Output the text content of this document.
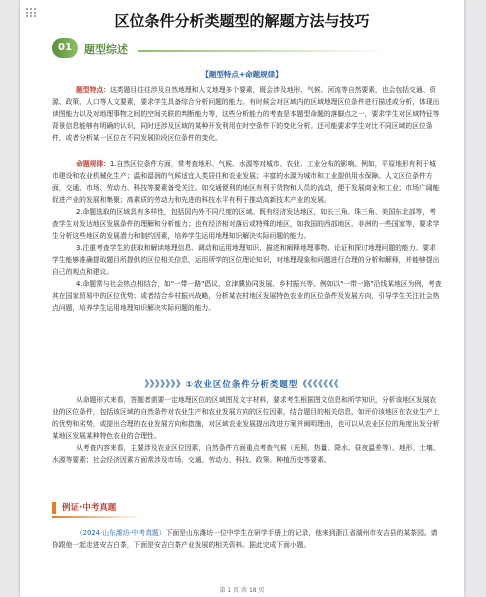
区位条件分析类题型的解题方法与技巧
01	题型综述
【题型特点+命题规律】

题型特点：这类题目往往涉及自然地理和人文地理多个要素，既会涉及地形、气候、河流等自然要素，也会包括交通、资源、政策、人口等人文要素，要求学生具备综合分析问题的能力。有时候会对区域内的区域地理区位条件进行描述或分析，体现出读图能力以及对地理事物之间的空间关联的判断能力等，这些分析能力的考查是本题型命题的落脚点之一，要求学生对区域特征等背景信息能够有明确的认识，同时还涉及区域的某种开发利用在时空条件下的变化分析。还可能要求学生对比不同区域的区位条件，或者分析某一区位在不同发展阶段区位条件的变化。

命题规律：1.自然区位条件方面，常考查地形、气候、水源等对城市、农业、工业分布的影响。例如，平原地形有利于城市建设和农业机械化生产；温和湿润的气候适宜人类居住和农业发展；丰富的水源为城市和工业提供用水保障。人文区位条件方面，交通、市场、劳动力、科技等要素备受关注。如交通便利的地区有利于货物和人员的流动，便于发展商业和工业；市场广阔能促进产业的发展和集聚；高素质的劳动力和先进的科技水平有利于推动高新技术产业的发展。

2.命题选取的区域具有多样性，包括国内外不同尺度的区域。既有经济发达地区，如长三角、珠三角、美国东北部等，考查学生对发达地区发展条件的理解和分析能力；也有经济相对落后或特殊的地区，如我国的西部地区、非洲的一些国家等，要求学生分析这些地区的发展潜力和制约因素，培养学生运用地理知识解决实际问题的能力。

3.注重考查学生的获取和解读地理信息、调动和运用地理知识、描述和阐释地理事物、论证和探讨地理问题的能力。要求学生能够准确提取题目所提供的区位相关信息，运用所学的区位理论知识，对地理现象和问题进行合理的分析和解释，并能够提出自己的观点和建议。

4.命题常与社会热点相结合，如"一带一路"倡议、京津冀协同发展、乡村振兴等。例如以"一带一路"沿线某地区为例，考查其在国家贸易中的区位优势；或者结合乡村振兴战略，分析某农村地区发展特色农业的区位条件及发展方向，引导学生关注社会热点问题，培养学生运用地理知识解决实际问题的能力。

》》》》》》》①农业区位条件分析类题型《《《《《《《

从命题形式来看，答题者需要一定地理区位的区域图及文字材料，要求考生根据图文信息和所学知识，分析该地区发展农业的区位条件，包括该区域的自然条件对农业生产和农业发展方向的区位因素，结合题目的相关信息，如评价该地区在农业生产上的优势和劣势，或提出合理的农业发展方向和措施，对区域农业发展提出改进方案并阐明理由，也可以从农业区位的角度出发分析某地区发展某种特色农业的合理性。

从考查内容来看，主要涉及农业区位因素，自然条件方面重点考查气候（光照、热量、降水、昼夜温差等）、地形、土壤、水源等要素；社会经济因素方面常涉及市场、交通、劳动力、科技、政策、种植历史等要素。

例证·中考真题

（2024·山东潍坊·中考真题）下面是山东潍坊一位中学生在研学手册上的记录，他来到浙江省湖州市安吉县的某茶园。请你跟他一起走进安吉白茶，下面是安吉白茶产业发展的相关资料。据此完成下面小题。

第 1 页 共 18 页
